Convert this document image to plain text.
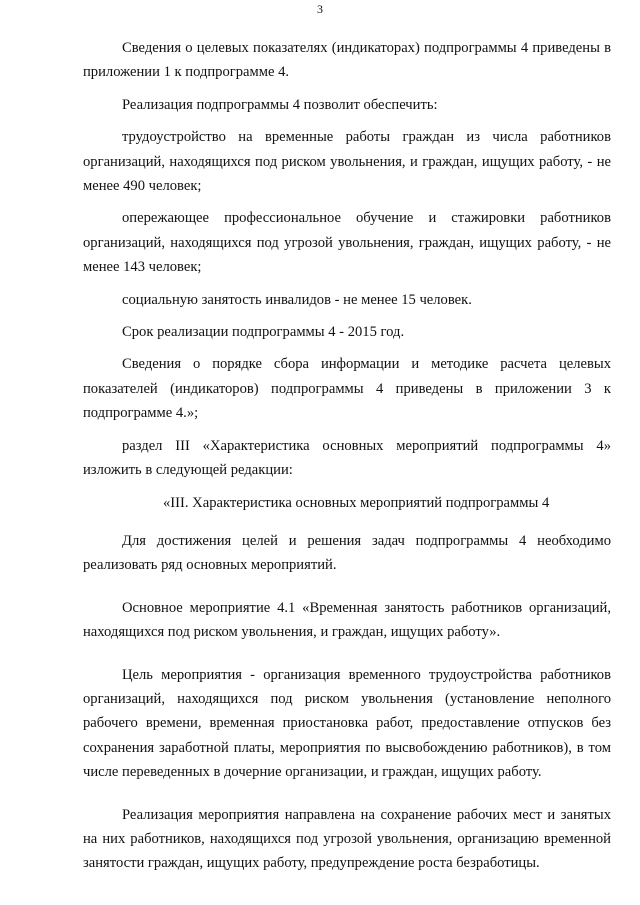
3

Сведения о целевых показателях (индикаторах) подпрограммы 4 приведены в приложении 1 к подпрограмме 4.

Реализация подпрограммы 4 позволит обеспечить:

трудоустройство на временные работы граждан из числа работников организаций, находящихся под риском увольнения, и граждан, ищущих работу, - не менее 490 человек;

опережающее профессиональное обучение и стажировки работников организаций, находящихся под угрозой увольнения, граждан, ищущих работу, - не менее 143 человек;

социальную занятость инвалидов - не менее 15 человек.

Срок реализации подпрограммы 4 - 2015 год.

Сведения о порядке сбора информации и методике расчета целевых показателей (индикаторов) подпрограммы 4 приведены в приложении 3 к подпрограмме 4.»;

раздел III «Характеристика основных мероприятий подпрограммы 4» изложить в следующей редакции:

«III. Характеристика основных мероприятий подпрограммы 4

Для достижения целей и решения задач подпрограммы 4 необходимо реализовать ряд основных мероприятий.

Основное мероприятие 4.1 «Временная занятость работников организаций, находящихся под риском увольнения, и граждан, ищущих работу».

Цель мероприятия - организация временного трудоустройства работников организаций, находящихся под риском увольнения (установление неполного рабочего времени, временная приостановка работ, предоставление отпусков без сохранения заработной платы, мероприятия по высвобождению работников), в том числе переведенных в дочерние организации, и граждан, ищущих работу.

Реализация мероприятия направлена на сохранение рабочих мест и занятых на них работников, находящихся под угрозой увольнения, организацию временной занятости граждан, ищущих работу, предупреждение роста безработицы.
